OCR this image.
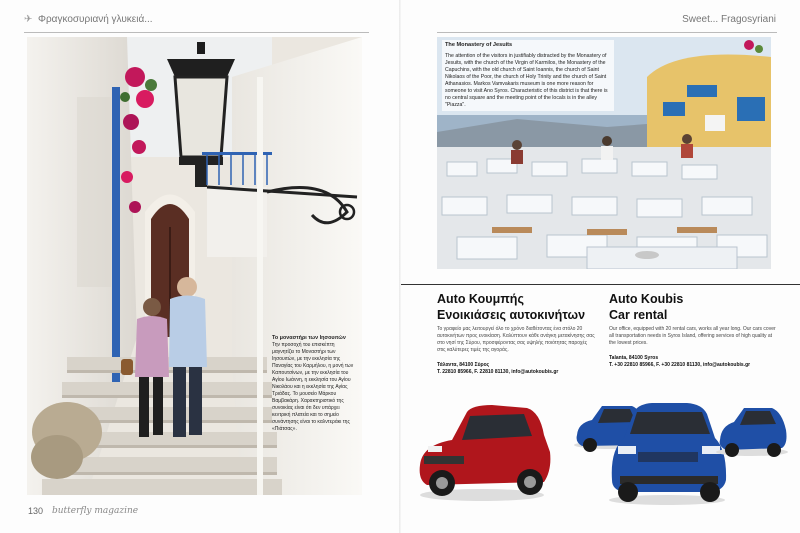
✈ Φραγκοσυριανή γλυκειά...	Sweet... Fragosyriani
Το μοναστήρι των Ιησουιτών
Την προσοχή του επισκέπτη μαγνητίζει το Μοναστήρι των Ιησουιτών, με την εκκλησία της Παναγίας του Καρμήλου, η μονή των Καπουτσίνων, με την εκκλησία του Αγίου Ιωάννη, η εκκλησία του Αγίου Νικολάου και η εκκλησία της Αγίας Τριάδας. Το μουσείο Μάρκου Βαμβακάρη. Χαρακτηριστικό της συνοικίας είναι ότι δεν υπάρχει κεντρική πλατεία και το σημείο συνάντησης είναι το καλντεράκι της «Πιάτσας».
130 butterfly magazine
The Monastery of Jesuits
The attention of the visitors in justifiably distracted by the Monastery of Jesuits, with the church of the Virgin of Karmilos, the Monastery of the Capuchins, with the old church of Saint Ioannis, the church of Saint Nikolaos of the Poor, the church of Holy Trinity and the church of Saint Athanasios. Markos Vamvakaris museum is one more reason for someone to visit Ano Syros. Characteristic of this district is that there is no central square and the meeting point of the locals is in the alley "Piazza".
Auto Κουμπής
Ενοικιάσεις αυτοκινήτων
Το γραφείο μας λειτουργεί όλο το χρόνο διαθέτοντας ένα στόλο 20 αυτοκινήτων προς ενοικίαση. Καλύπτουν κάθε ανάγκη μετακίνησης σας στο νησί της Σύρου, προσφέροντας σας υψηλής ποιότητας παροχές στις καλύτερες τιμές της αγοράς.
Τάλαντα, 84100 Σύρος
T. 22810 85966, F. 22810 81130, info@autokoubis.gr
Auto Koubis
Car rental
Our office, equipped with 20 rental cars, works all year long. Our cars cover all transportation needs in Syros Island, offering services of high quality at the lowest prices.
Talanta, 84100 Syros
T. +30 22810 85966, F. +30 22810 81130, info@autokoubis.gr
